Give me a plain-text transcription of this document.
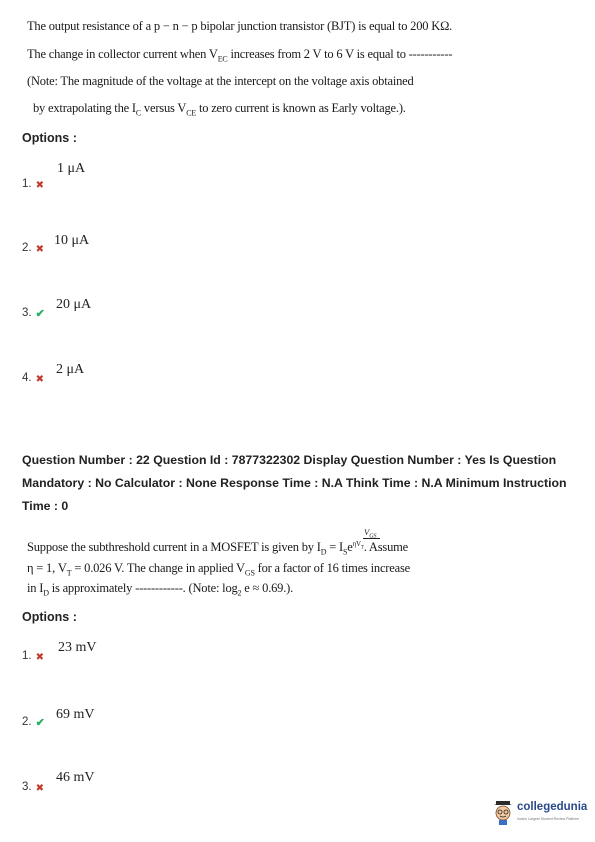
The output resistance of a p − n − p bipolar junction transistor (BJT) is equal to 200 KΩ.
The change in collector current when $V_{EC}$ increases from 2 V to 6 V is equal to -----------
(Note: The magnitude of the voltage at the intercept on the voltage axis obtained
by extrapolating the $I_C$ versus $V_{CE}$ to zero current is known as Early voltage.).
Options :
1 μA
1. ✖
10 μA
2. ✖
20 μA
3. ✔
2 μA
4. ✖
Question Number : 22 Question Id : 7877322302 Display Question Number : Yes Is Question Mandatory : No Calculator : None Response Time : N.A Think Time : N.A Minimum Instruction Time : 0
$V_{GS}$
Suppose the subthreshold current in a MOSFET is given by $I_D = I_Se^{\eta V_T}$. Assume
η = 1, $V_T = 0.026$ V. The change in applied $V_{GS}$ for a factor of 16 times increase
in $I_D$ is approximately ------------. (Note: $\log_2 e \approx 0.69$.).
Options :
23 mV
1. ✖
69 mV
2. ✔
46 mV
3. ✖
collegedunia
India's Largest Student Review Platform
